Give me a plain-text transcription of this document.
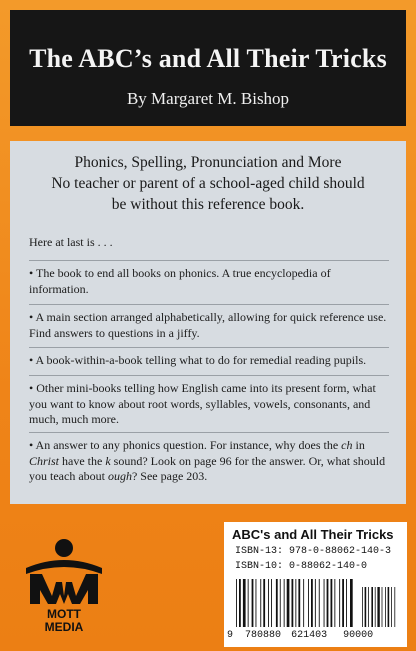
The ABC’s and All Their Tricks
By Margaret M. Bishop
Phonics, Spelling, Pronunciation and More
No teacher or parent of a school-aged child should
be without this reference book.
Here at last is . . .
• The book to end all books on phonics. A true encyclopedia of information.
• A main section arranged alphabetically, allowing for quick reference use. Find answers to questions in a jiffy.
• A book-within-a-book telling what to do for remedial reading pupils.
• Other mini-books telling how English came into its present form, what you want to know about root words, syllables, vowels, consonants, and much, much more.
• An answer to any phonics question. For instance, why does the ch in Christ have the k sound? Look on page 96 for the answer. Or, what should you teach about ough? See page 203.
MOTT
MEDIA
ABC's and All Their Tricks
ISBN-13: 978-0-88062-140-3
ISBN-10: 0-88062-140-0
9 780880 621403 90000
